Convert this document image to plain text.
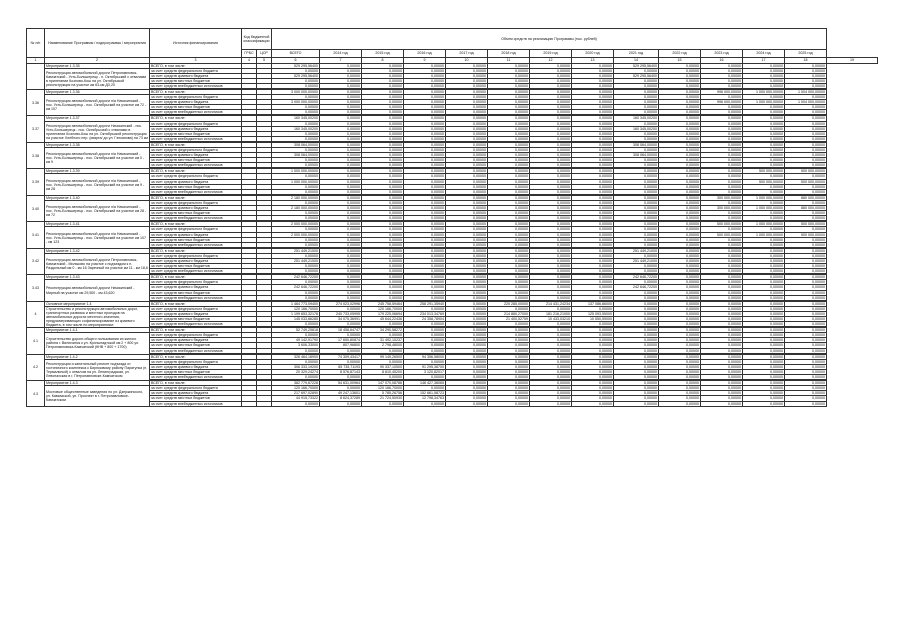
№ п/п	Наименование Программы / подпрограммы / мероприятия	Источник финансирования	Код бюджетной классификации		Объем средств на реализацию Программы (тыс. рублей)													
			ГРБС	ЦСР	ВСЕГО	2014 год	2015 год	2016 год	2017 год	2018 год	2019 год	2020 год	2021 год	2022 год	2023 год	2024 год	2025 год	
1	2	3	4	5	6	7	8	9	10	11	12	13	14	15	16	17	18	19
	Мероприятие 1.3.35	ВСЕГО, в том числе:			529 295,56400	0,00000	0,00000	0,00000	0,00000	0,00000	0,00000	0,00000	529 295,56400	0,00000	0,00000	0,00000	0,00000	
	Реконструкция автомобильной дороги Петропавловск-Камчатский - Усть-Большерецк - п. Октябрьский с отвалами в прилегании Козлово-Кош на ул. Октябрьской реконструкция на участке км 63-км ДЗ,20	за счет средств федерального бюджета			0,00000	0,00000	0,00000	0,00000	0,00000	0,00000	0,00000	0,00000	0,00000	0,00000	0,00000	0,00000	0,00000	
		за счет средств краевого бюджета			529 295,56400	0,00000	0,00000	0,00000	0,00000	0,00000	0,00000	0,00000	529 295,56400	0,00000	0,00000	0,00000	0,00000	
		за счет средств местных бюджетов			0,00000	0,00000	0,00000	0,00000	0,00000	0,00000	0,00000	0,00000	0,00000	0,00000	0,00000	0,00000	0,00000	
		за счет средств внебюджетных источников			0,00000	0,00000	0,00000	0,00000	0,00000	0,00000	0,00000	0,00000	0,00000	0,00000	0,00000	0,00000	0,00000	

3.36	Мероприятие 1.3.36	ВСЕГО, в том числе:			3 000 000,00000	0,00000	0,00000	0,00000	0,00000	0,00000	0,00000	0,00000	0,00000	0,00000	996 000,00000	1 000 000,00000	1 004 000,00000	
	Реконструкция автомобильной дороги п/а Начикинский - пос. Усть-Большерецк - пос. Октябрьский на участке км 72 - км 107	за счет средств федерального бюджета			0,00000	0,00000	0,00000	0,00000	0,00000	0,00000	0,00000	0,00000	0,00000	0,00000	0,00000	0,00000	0,00000	
		за счет средств краевого бюджета			3 000 000,00000	0,00000	0,00000	0,00000	0,00000	0,00000	0,00000	0,00000	0,00000	0,00000	996 000,00000	1 000 000,00000	1 004 000,00000	
		за счет средств местных бюджетов			0,00000	0,00000	0,00000	0,00000	0,00000	0,00000	0,00000	0,00000	0,00000	0,00000	0,00000	0,00000	0,00000	
		за счет средств внебюджетных источников			0,00000	0,00000	0,00000	0,00000	0,00000	0,00000	0,00000	0,00000	0,00000	0,00000	0,00000	0,00000	0,00000	

3.37	Мероприятие 1.3.37	ВСЕГО, в том числе:			160 345,00200	0,00000	0,00000	0,00000	0,00000	0,00000	0,00000	0,00000	160 345,00200	0,00000	0,00000	0,00000	0,00000	
	Реконструкция автомобильной дороги Начикинский - пос. Усть-Большерецк - пос. Октябрьский с отвалами в прилегании Козлово-Кош на ул. Октябрьской реконструкция на участке Хлебного пер. (кварта/ до ул. Гэнкапова) на 73 км	за счет средств федерального бюджета			0,00000	0,00000	0,00000	0,00000	0,00000	0,00000	0,00000	0,00000	0,00000	0,00000	0,00000	0,00000	0,00000	
		за счет средств краевого бюджета			160 345,00200	0,00000	0,00000	0,00000	0,00000	0,00000	0,00000	0,00000	160 345,00200	0,00000	0,00000	0,00000	0,00000	
		за счет средств местных бюджетов			0,00000	0,00000	0,00000	0,00000	0,00000	0,00000	0,00000	0,00000	0,00000	0,00000	0,00000	0,00000	0,00000	
		за счет средств внебюджетных источников			0,00000	0,00000	0,00000	0,00000	0,00000	0,00000	0,00000	0,00000	0,00000	0,00000	0,00000	0,00000	0,00000	

3.38	Мероприятие 1.3.38	ВСЕГО, в том числе:			308 064,00000	0,00000	0,00000	0,00000	0,00000	0,00000	0,00000	0,00000	308 064,00000	0,00000	0,00000	0,00000	0,00000	
	Реконструкция автомобильной дороги п/а Начикинский - пос. Усть-Большерецк - пос. Октябрьский на участке км 0 - км 9	за счет средств федерального бюджета			0,00000	0,00000	0,00000	0,00000	0,00000	0,00000	0,00000	0,00000	0,00000	0,00000	0,00000	0,00000	0,00000	
		за счет средств краевого бюджета			308 064,00000	0,00000	0,00000	0,00000	0,00000	0,00000	0,00000	0,00000	308 064,00000	0,00000	0,00000	0,00000	0,00000	
		за счет средств местных бюджетов			0,00000	0,00000	0,00000	0,00000	0,00000	0,00000	0,00000	0,00000	0,00000	0,00000	0,00000	0,00000	0,00000	
		за счет средств внебюджетных источников			0,00000	0,00000	0,00000	0,00000	0,00000	0,00000	0,00000	0,00000	0,00000	0,00000	0,00000	0,00000	0,00000	

3.39	Мероприятие 1.3.39	ВСЕГО, в том числе:			1 000 000,00000	0,00000	0,00000	0,00000	0,00000	0,00000	0,00000	0,00000	0,00000	0,00000	0,00000	500 000,00000	500 000,00000	
	Реконструкция автомобильной дороги п/а Начикинский - пос. Усть-Большерецк - пос. Октябрьский на участке км 9 - км 28	за счет средств федерального бюджета			0,00000	0,00000	0,00000	0,00000	0,00000	0,00000	0,00000	0,00000	0,00000	0,00000	0,00000	0,00000	0,00000	
		за счет средств краевого бюджета			1 000 000,00000	0,00000	0,00000	0,00000	0,00000	0,00000	0,00000	0,00000	0,00000	0,00000	0,00000	500 000,00000	500 000,00000	
		за счет средств местных бюджетов			0,00000	0,00000	0,00000	0,00000	0,00000	0,00000	0,00000	0,00000	0,00000	0,00000	0,00000	0,00000	0,00000	
		за счет средств внебюджетных источников			0,00000	0,00000	0,00000	0,00000	0,00000	0,00000	0,00000	0,00000	0,00000	0,00000	0,00000	0,00000	0,00000	

3.40	Мероприятие 1.3.40	ВСЕГО, в том числе:			2 180 000,00000	0,00000	0,00000	0,00000	0,00000	0,00000	0,00000	0,00000	0,00000	0,00000	300 000,00000	1 000 000,00000	880 000,00000	
	Реконструкция автомобильной дороги п/а Начикинский - пос. Усть-Большерецк - пос. Октябрьский на участке км 28 - км 72	за счет средств федерального бюджета			0,00000	0,00000	0,00000	0,00000	0,00000	0,00000	0,00000	0,00000	0,00000	0,00000	0,00000	0,00000	0,00000	
		за счет средств краевого бюджета			2 180 000,00000	0,00000	0,00000	0,00000	0,00000	0,00000	0,00000	0,00000	0,00000	0,00000	300 000,00000	1 000 000,00000	880 000,00000	
		за счет средств местных бюджетов			0,00000	0,00000	0,00000	0,00000	0,00000	0,00000	0,00000	0,00000	0,00000	0,00000	0,00000	0,00000	0,00000	
		за счет средств внебюджетных источников			0,00000	0,00000	0,00000	0,00000	0,00000	0,00000	0,00000	0,00000	0,00000	0,00000	0,00000	0,00000	0,00000	

3.41	Мероприятие 1.3.41	ВСЕГО, в том числе:			2 000 000,00000	0,00000	0,00000	0,00000	0,00000	0,00000	0,00000	0,00000	0,00000	0,00000	500 000,00000	1 000 000,00000	500 000,00000	
	Реконструкция автомобильной дороги п/а Начикинский - пос. Усть-Большерецк - пос. Октябрьский на участке км 107 - км 123	за счет средств федерального бюджета			0,00000	0,00000	0,00000	0,00000	0,00000	0,00000	0,00000	0,00000	0,00000	0,00000	0,00000	0,00000	0,00000	
		за счет средств краевого бюджета			2 000 000,00000	0,00000	0,00000	0,00000	0,00000	0,00000	0,00000	0,00000	0,00000	0,00000	500 000,00000	1 000 000,00000	500 000,00000	
		за счет средств местных бюджетов			0,00000	0,00000	0,00000	0,00000	0,00000	0,00000	0,00000	0,00000	0,00000	0,00000	0,00000	0,00000	0,00000	
		за счет средств внебюджетных источников			0,00000	0,00000	0,00000	0,00000	0,00000	0,00000	0,00000	0,00000	0,00000	0,00000	0,00000	0,00000	0,00000	

3.42	Мероприятие 1.3.42	ВСЕГО, в том числе:			251 449,21000	0,00000	0,00000	0,00000	0,00000	0,00000	0,00000	0,00000	251 449,21000	0,00000	0,00000	0,00000	0,00000	
	Реконструкция автомобильной дороги Петропавловск-Камчатский - Мильково на участке с подъездом к п. Раздольный км 0 - км 16 Заречный на участке км 11 - км 18,6	за счет средств федерального бюджета			0,00000	0,00000	0,00000	0,00000	0,00000	0,00000	0,00000	0,00000	0,00000	0,00000	0,00000	0,00000	0,00000	
		за счет средств краевого бюджета			251 449,21000	0,00000	0,00000	0,00000	0,00000	0,00000	0,00000	0,00000	251 449,21000	0,00000	0,00000	0,00000	0,00000	
		за счет средств местных бюджетов			0,00000	0,00000	0,00000	0,00000	0,00000	0,00000	0,00000	0,00000	0,00000	0,00000	0,00000	0,00000	0,00000	
		за счет средств внебюджетных источников			0,00000	0,00000	0,00000	0,00000	0,00000	0,00000	0,00000	0,00000	0,00000	0,00000	0,00000	0,00000	0,00000	

3.43	Мероприятие 1.3.43	ВСЕГО, в том числе:			242 646,72200	0,00000	0,00000	0,00000	0,00000	0,00000	0,00000	0,00000	242 646,72200	0,00000	0,00000	0,00000	0,00000	
	Реконструкция автомобильной дороги Начикинский - Мирный на участке км 29,500 - км 43,620	за счет средств федерального бюджета			0,00000	0,00000	0,00000	0,00000	0,00000	0,00000	0,00000	0,00000	0,00000	0,00000	0,00000	0,00000	0,00000	
		за счет средств краевого бюджета			242 646,72200	0,00000	0,00000	0,00000	0,00000	0,00000	0,00000	0,00000	242 646,72200	0,00000	0,00000	0,00000	0,00000	
		за счет средств местных бюджетов			0,00000	0,00000	0,00000	0,00000	0,00000	0,00000	0,00000	0,00000	0,00000	0,00000	0,00000	0,00000	0,00000	
		за счет средств внебюджетных источников			0,00000	0,00000	0,00000	0,00000	0,00000	0,00000	0,00000	0,00000	0,00000	0,00000	0,00000	0,00000	0,00000	

4	Основное мероприятие 1.4	ВСЕГО, в том числе:			1 464 773,09400	274 023,02996	245 758,59464	258 291,35940	0,00000	220 285,00000	214 431,24234	137 086,86000	0,00000	0,00000	0,00000	0,00000	0,00000	
	Строительство и реконструкция автомобильных дорог, транспортных развязок и местных проездов на автомобильных дорогах местного значения, предусматривающих софинансирование из краевого бюджета, в том числе по мероприятиям:	за счет средств федерального бюджета			120 166,70000	0,00000	120 166,70000	0,00000	0,00000	0,00000	0,00000	0,00000	0,00000	0,00000	0,00000	0,00000	0,00000	
		за счет средств краевого бюджета			1 199 653,32178	240 733,05995	179 225,06694	234 013,34769	0,00000	214 880,27000	181 216,21000	125 093,55000	0,00000	0,00000	0,00000	0,00000	0,00000	
		за счет средств местных бюджетов			145 033,86285	34 075,36991	45 644,22436	24 358,78904	0,00000	21 400,52759	10 433,03210	10 550,59000	0,00000	0,00000	0,00000	0,00000	0,00000	
		за счет средств внебюджетных источников			0,00000	0,00000	0,00000	0,00000	0,00000	0,00000	0,00000	0,00000	0,00000	0,00000	0,00000	0,00000	0,00000	

4.1	Мероприятие 1.4.1	ВСЕГО, в том числе:			52 749,25818	18 458,64747	34 290,58272	0,00000	0,00000	0,00000	0,00000	0,00000	0,00000	0,00000	0,00000	0,00000	0,00000	
	Строительство дороги общего пользования из жилого района г. Вилючинск к ул. Кронштадтской км 2 + 800 ул. Петропавловска-Камчатский (КНВ + 800 + 1700)	за счет средств федерального бюджета			0,00000	0,00000	0,00000	0,00000	0,00000	0,00000	0,00000	0,00000	0,00000	0,00000	0,00000	0,00000	0,00000	
		за счет средств краевого бюджета			49 142,91790	17 650,80874	31 492,10237	0,00000	0,00000	0,00000	0,00000	0,00000	0,00000	0,00000	0,00000	0,00000	0,00000	
		за счет средств местных бюджетов			3 606,33000	807,96800	2 798,48000	0,00000	0,00000	0,00000	0,00000	0,00000	0,00000	0,00000	0,00000	0,00000	0,00000	
		за счет средств внебюджетных источников			0,00000	0,00000	0,00000	0,00000	0,00000	0,00000	0,00000	0,00000	0,00000	0,00000	0,00000	0,00000	0,00000	

4.2	Мероприятие 1.4.2	ВСЕГО, в том числе:			326 464,18900	74 309,43417	99 149,26500	94 356,58000	0,00000	0,00000	0,00000	0,00000	0,00000	0,00000	0,00000	0,00000	0,00000	
	Реконструкция и капитальный ремонт подъезда от гостиничного комплекса к Бирюзовому району Паратунка (п. Термальный) с отвалом на ул. Ленинградская, ул. Левонахская в г. Петропавловске-Камчатском	за счет средств федерального бюджета			0,00000	0,00000	0,00000	0,00000	0,00000	0,00000	0,00000	0,00000	0,00000	0,00000	0,00000	0,00000	0,00000	
		за счет средств краевого бюджета			306 333,19200	65 735,71193	90 337,10500	91 295,38700	0,00000	0,00000	0,00000	0,00000	0,00000	0,00000	0,00000	0,00000	0,00000	
		за счет средств местных бюджетов			20 329,24274	8 576,87143	8 610,45200	3 120,82017	0,00000	0,00000	0,00000	0,00000	0,00000	0,00000	0,00000	0,00000	0,00000	
		за счет средств внебюджетных источников			0,00000	0,00000	0,00000	0,00000	0,00000	0,00000	0,00000	0,00000	0,00000	0,00000	0,00000	0,00000	0,00000	

4.3	Мероприятие 1.4.3	ВСЕГО, в том числе:			382 779,67228	54 631,00964	147 070,08786	146 427,38065	0,00000	0,00000	0,00000	0,00000	0,00000	0,00000	0,00000	0,00000	0,00000	
	Мостовые общественные заведения по ул. Дзержинского, ул. Кавказской, ул. Проспект в г. Петропавловске-Камчатском	за счет средств федерального бюджета			120 166,70000	0,00000	120 166,70000	0,00000	0,00000	0,00000	0,00000	0,00000	0,00000	0,00000	0,00000	0,00000	0,00000	
		за счет средств краевого бюджета			217 697,02890	49 247,13601	5 785,26756	152 661,58723	0,00000	0,00000	0,00000	0,00000	0,00000	0,00000	0,00000	0,00000	0,00000	
		за счет средств местных бюджетов			44 915,73322	8 624,37289	21 724,50930	12 798,34763	0,00000	0,00000	0,00000	0,00000	0,00000	0,00000	0,00000	0,00000	0,00000	
		за счет средств внебюджетных источников			0,00000	0,00000	0,00000	0,00000	0,00000	0,00000	0,00000	0,00000	0,00000	0,00000	0,00000	0,00000	0,00000	
